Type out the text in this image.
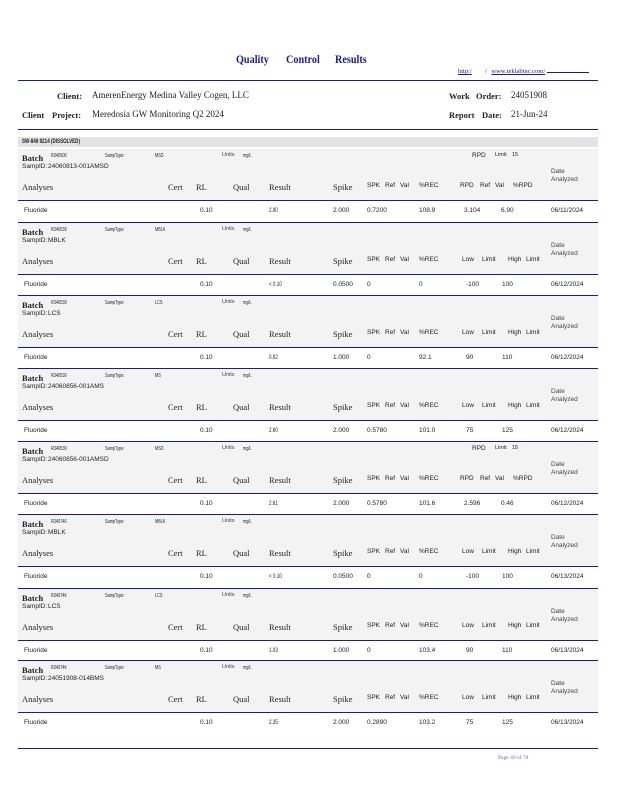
Quality Control Results
http:/ / www.teklabinc.com/
Client: AmerenEnergy Medina Valley Cogen, LLC
Client Project: Meredosia GW Monitoring Q2 2024
Work Order: 24051908
Report Date: 21-Jun-24
SW-846 9214 (DISSOLVED)
Batch R340500	SampType:	MSD	Units mg/L	RPD Limit 15
SampID: 24060813-001AMSD
Date
Analyses	Cert RL	Qual Result	Spike SPK Ref Val %REC	RPD Ref Val %RPD
Analyzed
Fluoride	0.10	2.90	2.000	0.7200	108.9	3.104	6.90	06/11/2024
Batch R340539	SampType:	MBLK	Units mg/L
SampID: MBLK
Date
Analyses	Cert RL	Qual Result	Spike SPK Ref Val %REC	Low Limit High Limit
Analyzed
Fluoride	0.10	< 0.10	0.0500 0	0	-100	100	06/12/2024
Batch R340539	SampType:	LCS	Units mg/L
SampID: LCS
Date
Analyses	Cert RL	Qual Result	Spike SPK Ref Val %REC	Low Limit High Limit
Analyzed
Fluoride	0.10	0.92	1.000	0	92.1	90	110	06/12/2024
Batch R340539	SampType:	MS	Units mg/L
SampID: 24060856-001AMS
Date
Analyses	Cert RL	Qual Result	Spike SPK Ref Val %REC	Low Limit High Limit
Analyzed
Fluoride	0.10	2.60	2.000	0.5780	101.0	75	125	06/12/2024
Batch R340539	SampType:	MSD	Units mg/L	RPD Limit 15
SampID: 24060856-001AMSD
Date
Analyses	Cert RL	Qual Result	Spike SPK Ref Val %REC	RPD Ref Val %RPD
Analyzed
Fluoride	0.10	2.61	2.000	0.5780	101.6	2.596	0.46	06/12/2024
Batch R340746	SampType:	MBLK	Units mg/L
SampID: MBLK
Date
Analyses	Cert RL	Qual Result	Spike SPK Ref Val %REC	Low Limit High Limit
Analyzed
Fluoride	0.10	< 0.10	0.0500 0	0	-100	100	06/13/2024
Batch R340746	SampType:	LCS	Units mg/L
SampID: LCS
Date
Analyses	Cert RL	Qual Result	Spike SPK Ref Val %REC	Low Limit High Limit
Analyzed
Fluoride	0.10	1.03	1.000	0	103.4	90	110	06/13/2024
Batch R340746	SampType:	MS	Units mg/L
SampID: 24051908-014BMS
Date
Analyses	Cert RL	Qual Result	Spike SPK Ref Val %REC	Low Limit High Limit
Analyzed
Fluoride	0.10	2.35	2.000	0.2890	103.2	75	125	06/13/2024
Page 49 of 78
